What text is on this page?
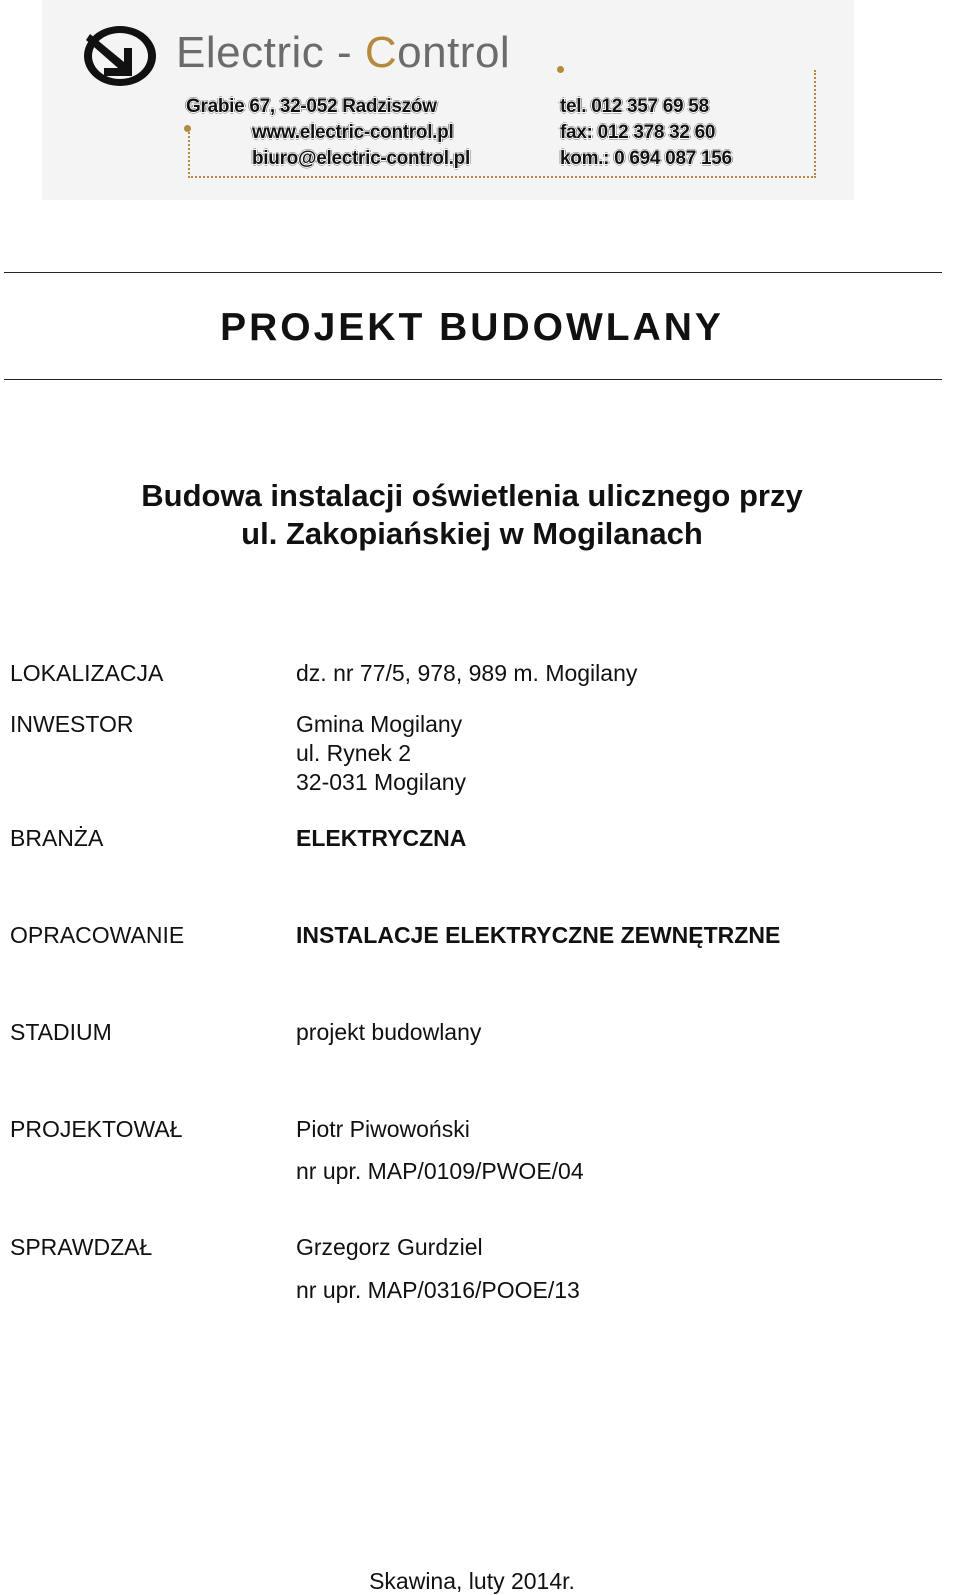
Electric - Control
Grabie 67, 32-052 Radziszów
www.electric-control.pl
biuro@electric-control.pl
tel. 012 357 69 58
fax: 012 378 32 60
kom.: 0 694 087 156
PROJEKT BUDOWLANY
Budowa instalacji oświetlenia ulicznego przy
ul. Zakopiańskiej w Mogilanach
LOKALIZACJA	dz. nr 77/5, 978, 989 m. Mogilany
INWESTOR	Gmina Mogilany
ul. Rynek 2
32-031 Mogilany
BRANŻA	ELEKTRYCZNA
OPRACOWANIE	INSTALACJE ELEKTRYCZNE ZEWNĘTRZNE
STADIUM	projekt budowlany
PROJEKTOWAŁ	Piotr Piwowoński
nr upr. MAP/0109/PWOE/04
SPRAWDZAŁ	Grzegorz Gurdziel
nr upr. MAP/0316/POOE/13
Skawina, luty 2014r.
